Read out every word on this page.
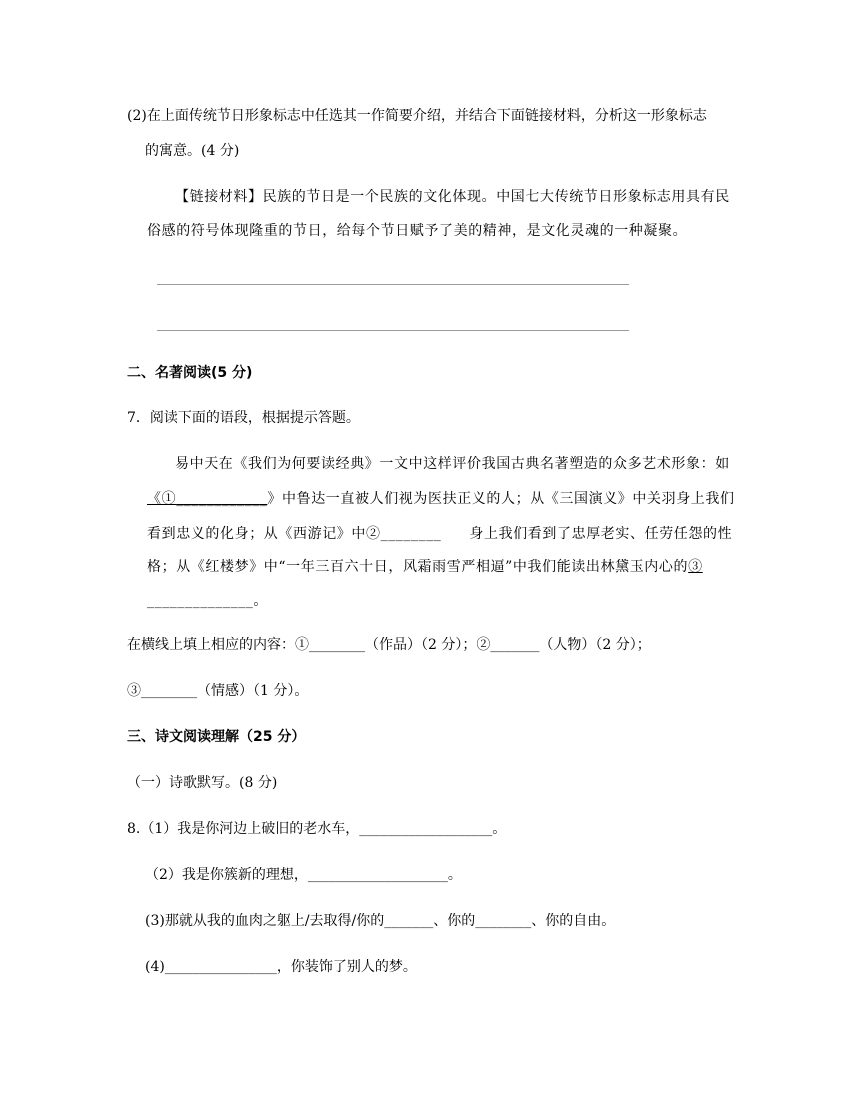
(2)在上面传统节日形象标志中任选其一作简要介绍，并结合下面链接材料，分析这一形象标志
的寓意。(4 分)
【链接材料】民族的节日是一个民族的文化体现。中国七大传统节日形象标志用具有民
俗感的符号体现隆重的节日，给每个节日赋予了美的精神，是文化灵魂的一种凝聚。
二、名著阅读(5 分)
7．阅读下面的语段，根据提示答题。
易中天在《我们为何要读经典》一文中这样评价我国古典名著塑造的众多艺术形象：如
《①____________》中鲁达一直被人们视为医扶正义的人；从《三国演义》中关羽身上我们
看到忠义的化身；从《西游记》中②________ 身上我们看到了忠厚老实、任劳任怨的性
格；从《红楼梦》中“一年三百六十日，风霜雨雪严相逼”中我们能读出林黛玉内心的③
______________。
在横线上填上相应的内容：①________（作品）（2 分）；②_______（人物）（2 分）；
③________（情感）（1 分）。
三、诗文阅读理解（25 分）
（一）诗歌默写。(8 分)
8.（1）我是你河边上破旧的老水车，___________________。
（2）我是你簇新的理想，____________________。
(3)那就从我的血肉之躯上/去取得/你的_______、你的________、你的自由。
(4)________________，你装饰了别人的梦。
